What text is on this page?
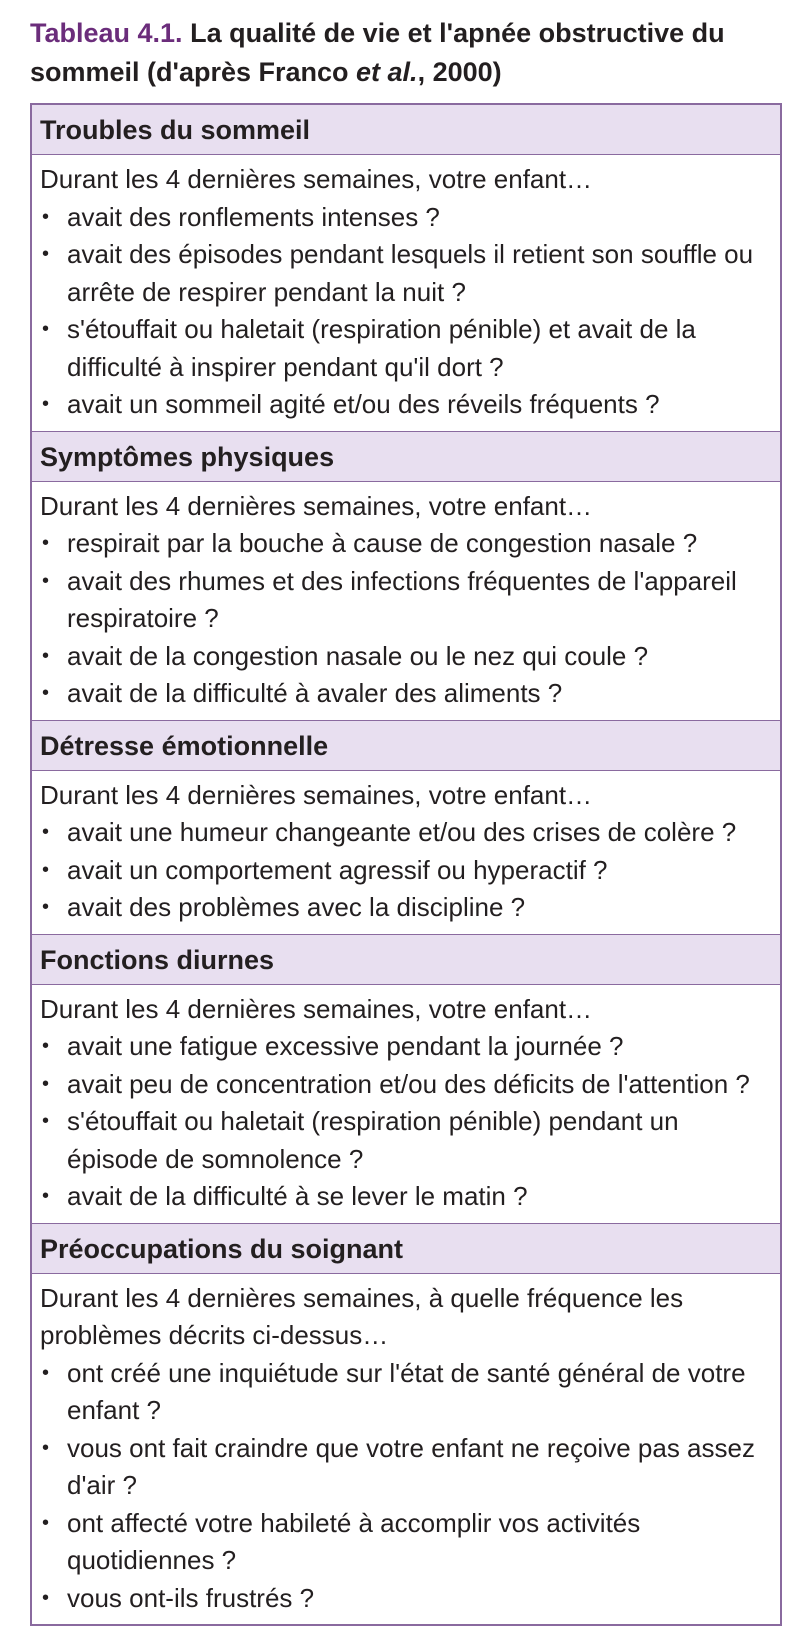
Tableau 4.1. La qualité de vie et l'apnée obstructive du sommeil (d'après Franco et al., 2000)
Troubles du sommeil
Durant les 4 dernières semaines, votre enfant…
• avait des ronflements intenses ?
• avait des épisodes pendant lesquels il retient son souffle ou arrête de respirer pendant la nuit ?
• s'étouffait ou haletait (respiration pénible) et avait de la difficulté à inspirer pendant qu'il dort ?
• avait un sommeil agité et/ou des réveils fréquents ?
Symptômes physiques
Durant les 4 dernières semaines, votre enfant…
• respirait par la bouche à cause de congestion nasale ?
• avait des rhumes et des infections fréquentes de l'appareil respiratoire ?
• avait de la congestion nasale ou le nez qui coule ?
• avait de la difficulté à avaler des aliments ?
Détresse émotionnelle
Durant les 4 dernières semaines, votre enfant…
• avait une humeur changeante et/ou des crises de colère ?
• avait un comportement agressif ou hyperactif ?
• avait des problèmes avec la discipline ?
Fonctions diurnes
Durant les 4 dernières semaines, votre enfant…
• avait une fatigue excessive pendant la journée ?
• avait peu de concentration et/ou des déficits de l'attention ?
• s'étouffait ou haletait (respiration pénible) pendant un épisode de somnolence ?
• avait de la difficulté à se lever le matin ?
Préoccupations du soignant
Durant les 4 dernières semaines, à quelle fréquence les problèmes décrits ci-dessus…
• ont créé une inquiétude sur l'état de santé général de votre enfant ?
• vous ont fait craindre que votre enfant ne reçoive pas assez d'air ?
• ont affecté votre habileté à accomplir vos activités quotidiennes ?
• vous ont-ils frustrés ?
